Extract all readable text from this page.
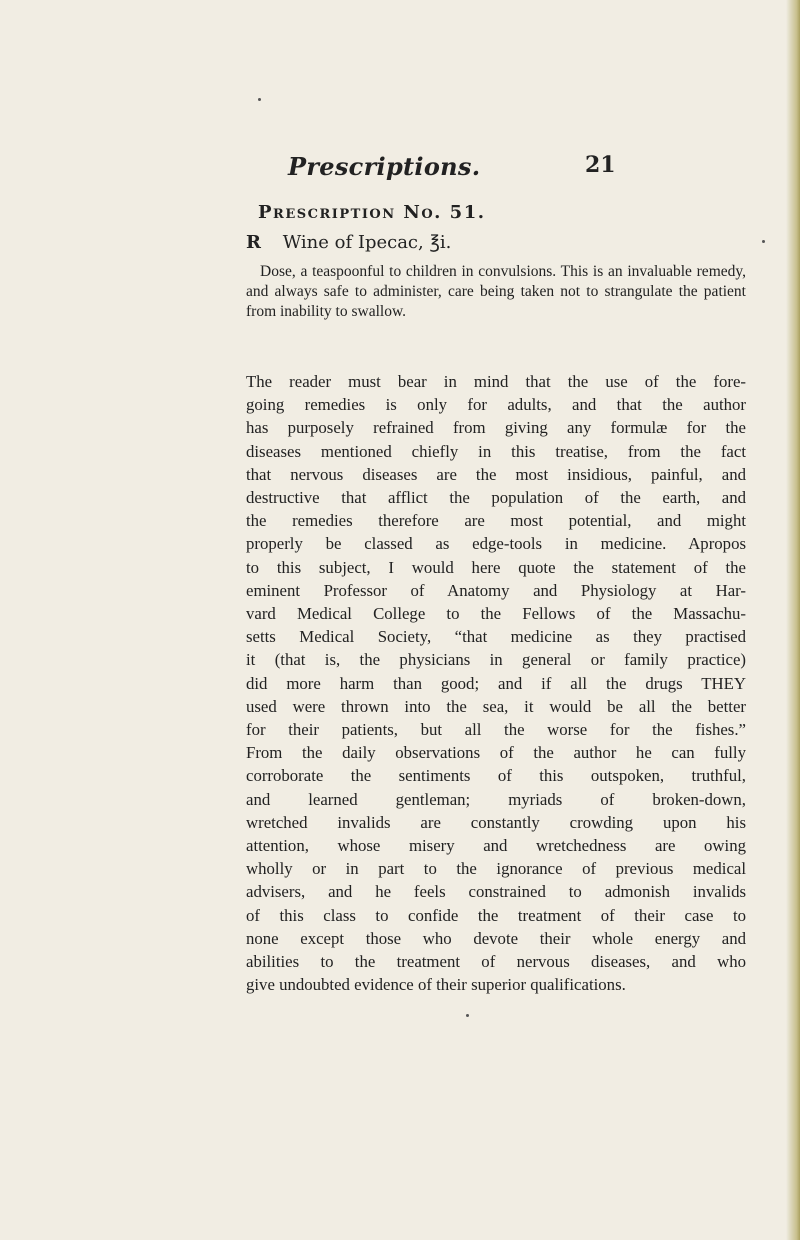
Prescriptions.	21
Prescription No. 51.
R Wine of Ipecac, ℥i.

Dose, a teaspoonful to children in convulsions. This is an invaluable remedy, and always safe to administer, care being taken not to strangulate the patient from inability to swallow.

The reader must bear in mind that the use of the fore-
going remedies is only for adults, and that the author
has purposely refrained from giving any formulæ for the
diseases mentioned chiefly in this treatise, from the fact
that nervous diseases are the most insidious, painful, and
destructive that afflict the population of the earth, and
the remedies therefore are most potential, and might
properly be classed as edge-tools in medicine. Apropos
to this subject, I would here quote the statement of the
eminent Professor of Anatomy and Physiology at Har-
vard Medical College to the Fellows of the Massachu-
setts Medical Society, “that medicine as they practised
it (that is, the physicians in general or family practice)
did more harm than good; and if all the drugs THEY
used were thrown into the sea, it would be all the better
for their patients, but all the worse for the fishes.”
From the daily observations of the author he can fully
corroborate the sentiments of this outspoken, truthful,
and learned gentleman; myriads of broken-down,
wretched invalids are constantly crowding upon his
attention, whose misery and wretchedness are owing
wholly or in part to the ignorance of previous medical
advisers, and he feels constrained to admonish invalids
of this class to confide the treatment of their case to
none except those who devote their whole energy and
abilities to the treatment of nervous diseases, and who
give undoubted evidence of their superior qualifications.
